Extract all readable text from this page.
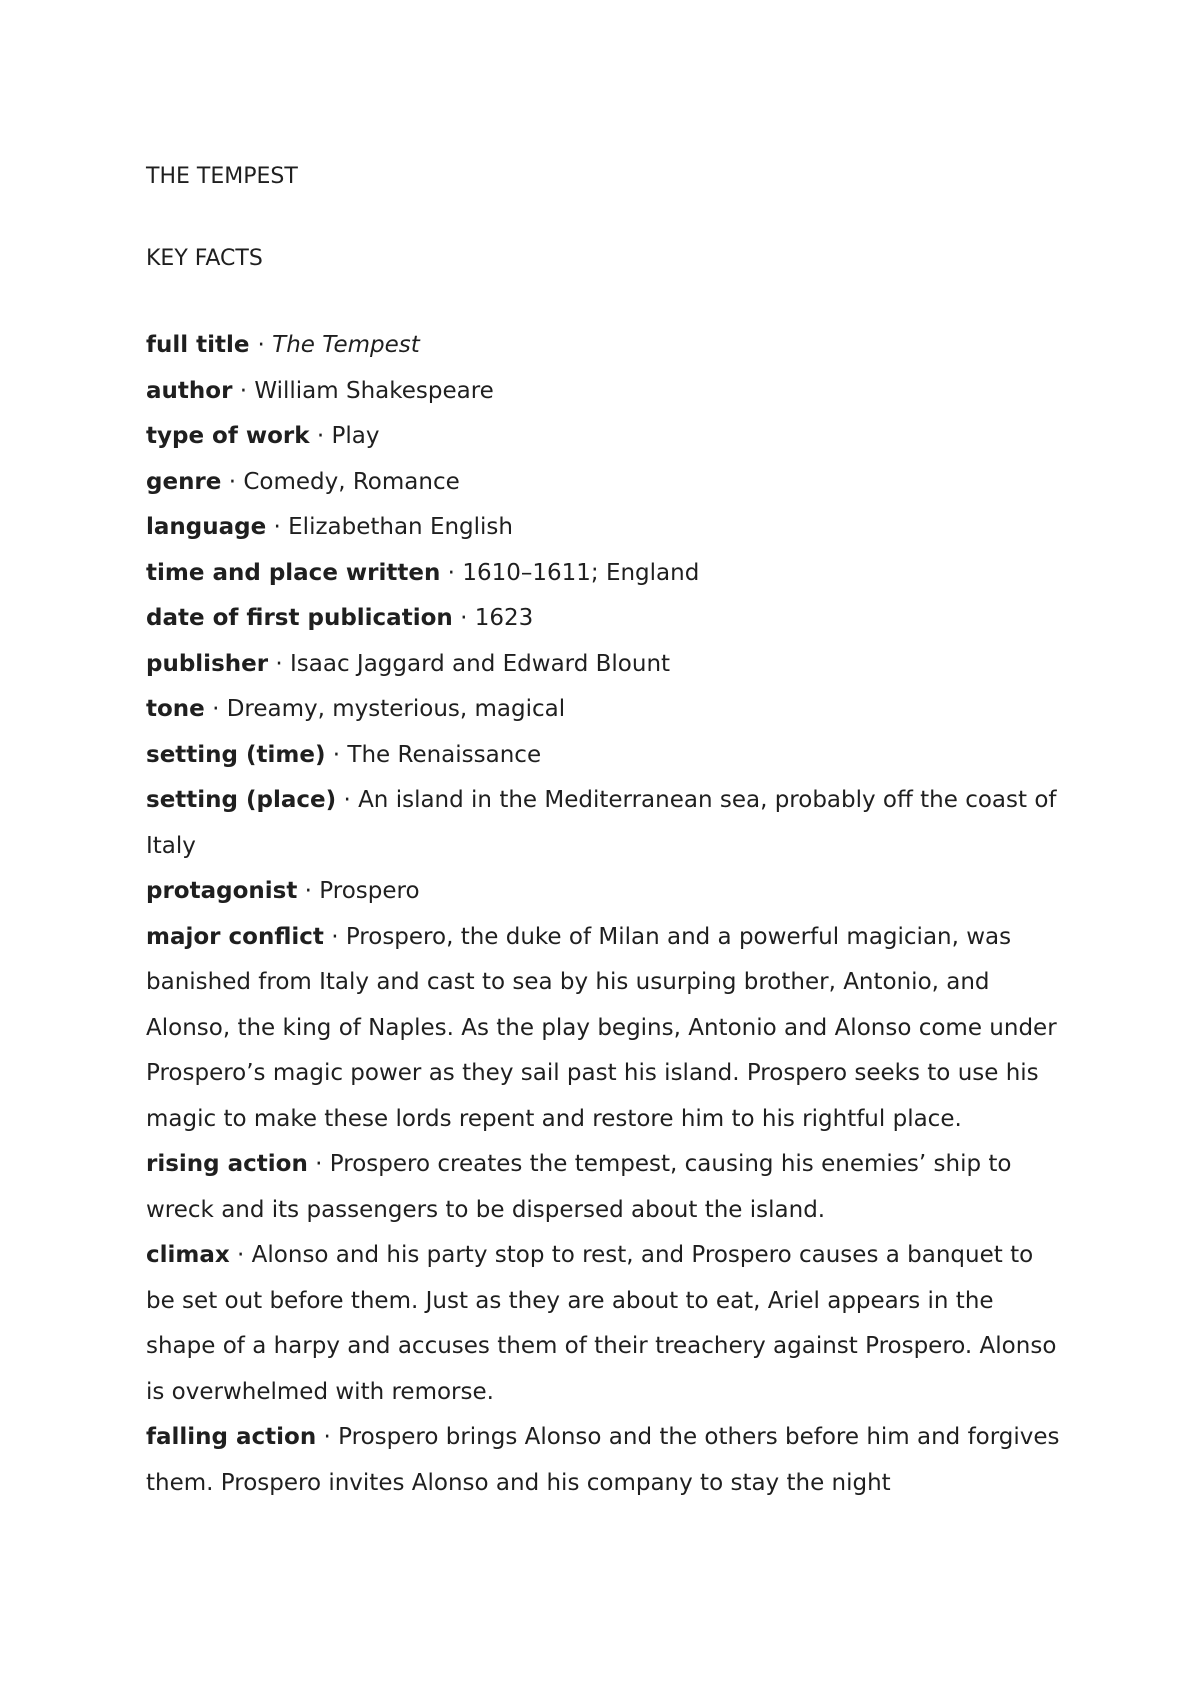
THE TEMPEST
KEY FACTS
full title · The Tempest
author · William Shakespeare
type of work · Play
genre · Comedy, Romance
language · Elizabethan English
time and place written · 1610–1611; England
date of first publication · 1623
publisher · Isaac Jaggard and Edward Blount
tone · Dreamy, mysterious, magical
setting (time) · The Renaissance
setting (place) · An island in the Mediterranean sea, probably off the coast of Italy
protagonist · Prospero
major conflict · Prospero, the duke of Milan and a powerful magician, was banished from Italy and cast to sea by his usurping brother, Antonio, and Alonso, the king of Naples. As the play begins, Antonio and Alonso come under Prospero’s magic power as they sail past his island. Prospero seeks to use his magic to make these lords repent and restore him to his rightful place.
rising action · Prospero creates the tempest, causing his enemies’ ship to wreck and its passengers to be dispersed about the island.
climax · Alonso and his party stop to rest, and Prospero causes a banquet to be set out before them. Just as they are about to eat, Ariel appears in the shape of a harpy and accuses them of their treachery against Prospero. Alonso is overwhelmed with remorse.
falling action · Prospero brings Alonso and the others before him and forgives them. Prospero invites Alonso and his company to stay the night
